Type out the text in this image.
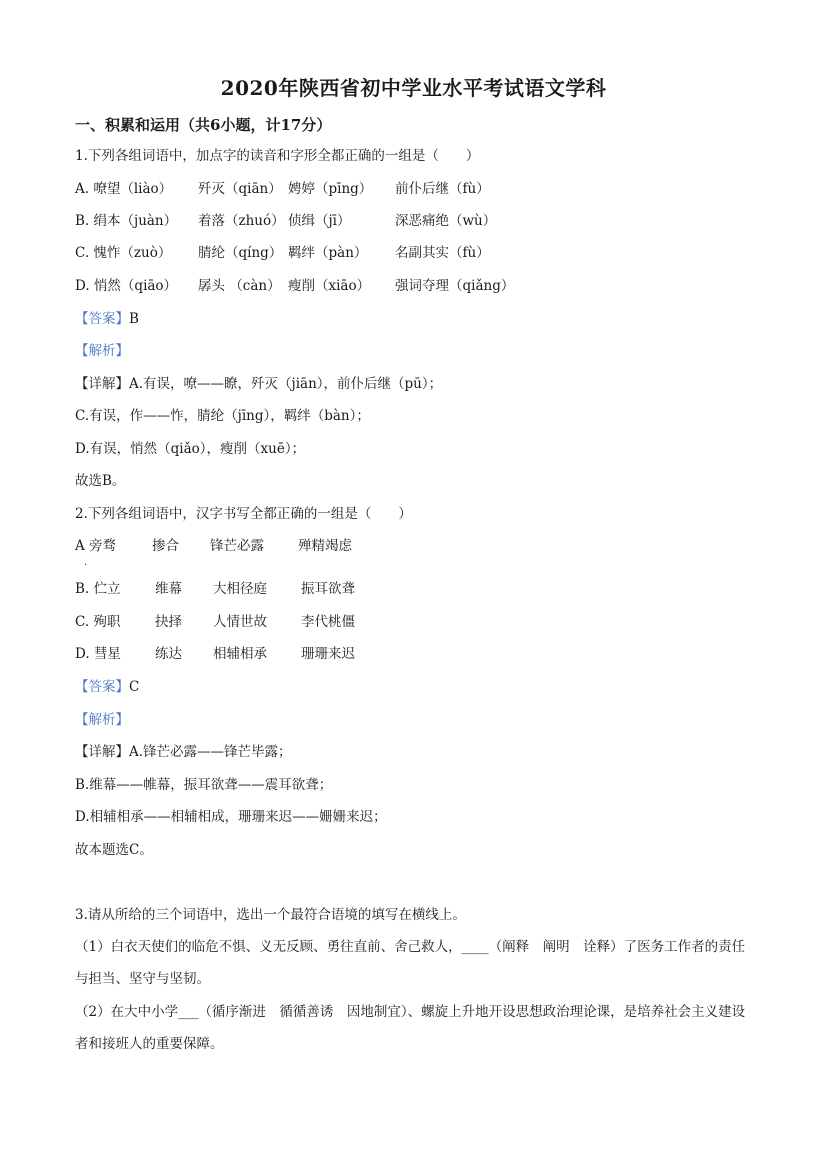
2020年陕西省初中学业水平考试语文学科
一、积累和运用（共6小题，计17分）
1.下列各组词语中，加点字的读音和字形全都正确的一组是（　　）
A. 嘹望（liào） 歼灭（qiān） 娉婷（pīng） 前仆后继（fù）
B. 绢本（juàn） 着落（zhuó） 侦缉（jī）	深恶痛绝（wù）
C. 愧怍（zuò） 腈纶（qíng） 羁绊（pàn） 名副其实（fù）
D. 悄然（qiāo） 孱头 （càn） 瘦削（xiāo） 强词夺理（qiǎng）
【答案】B
【解析】
【详解】A.有误，嘹——瞭，歼灭（jiān），前仆后继（pū）；
C.有误，作——怍，腈纶（jīng），羁绊（bàn）；
D.有误，悄然（qiǎo），瘦削（xuē）；
故选B。
2.下列各组词语中，汉字书写全都正确的一组是（　　）
A 旁骛	掺合 锋芒必露	殚精竭虑
·
B. 伫立	维幕 大相径庭	振耳欲聋
C. 殉职	抉择 人情世故	李代桃僵
D. 彗星	练达 相辅相承	珊珊来迟
【答案】C
【解析】
【详解】A.锋芒必露——锋芒毕露；
B.维幕——帷幕，振耳欲聋——震耳欲聋；
D.相辅相承——相辅相成，珊珊来迟——姗姗来迟；
故本题选C。
3.请从所给的三个词语中，选出一个最符合语境的填写在横线上。
（1）白衣天使们的临危不惧、义无反顾、勇往直前、舍己救人，____（阐释　阐明　诠释）了医务工作者的责任与担当、坚守与坚韧。
（2）在大中小学___（循序渐进　循循善诱　因地制宜）、螺旋上升地开设思想政治理论课，是培养社会主义建设者和接班人的重要保障。
